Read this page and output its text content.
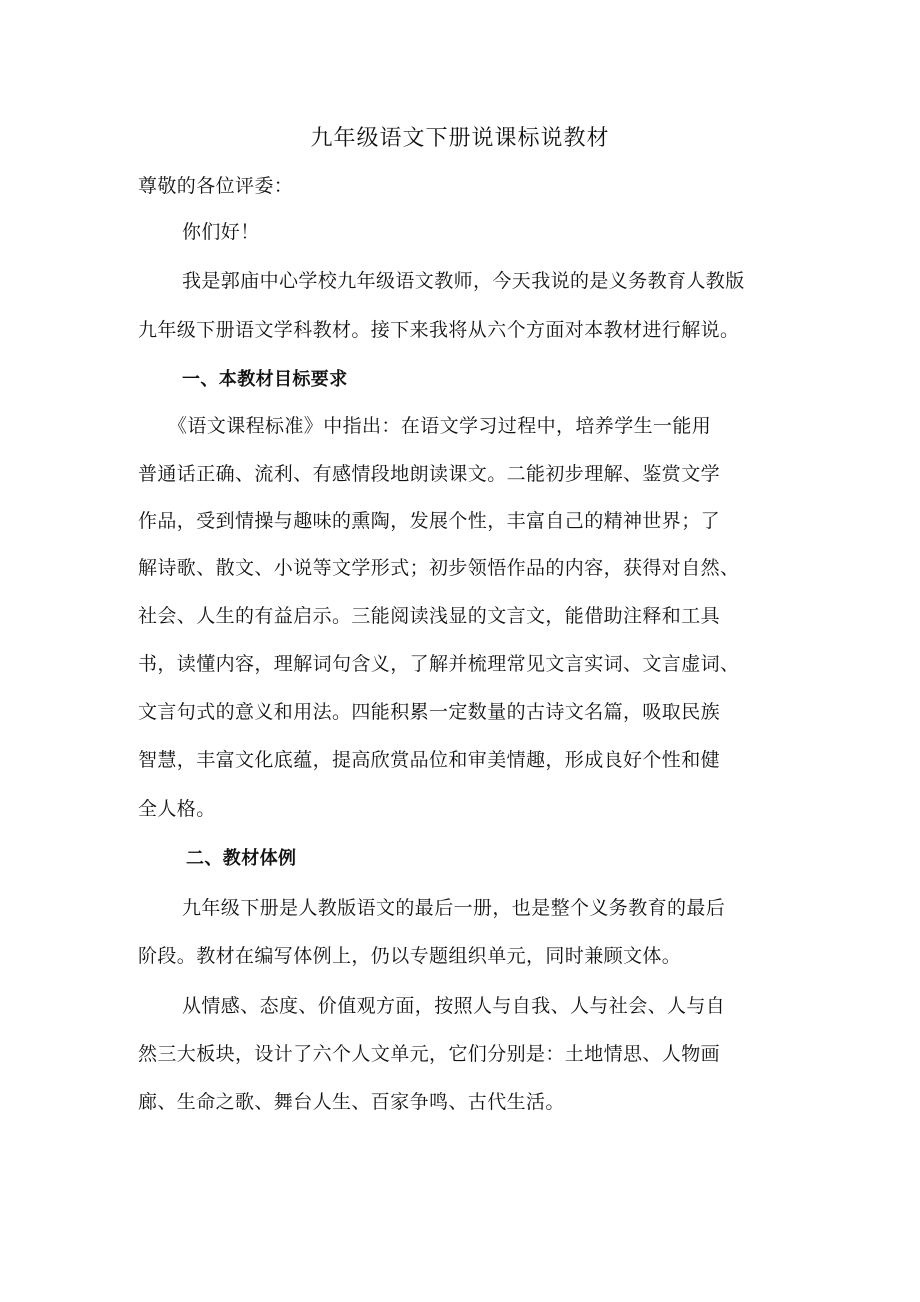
九年级语文下册说课标说教材
尊敬的各位评委：
你们好！
我是郭庙中心学校九年级语文教师，今天我说的是义务教育人教版
九年级下册语文学科教材。接下来我将从六个方面对本教材进行解说。
一、本教材目标要求
《语文课程标准》中指出：在语文学习过程中，培养学生一能用
普通话正确、流利、有感情段地朗读课文。二能初步理解、鉴赏文学
作品，受到情操与趣味的熏陶，发展个性，丰富自己的精神世界；了
解诗歌、散文、小说等文学形式；初步领悟作品的内容，获得对自然、
社会、人生的有益启示。三能阅读浅显的文言文，能借助注释和工具
书，读懂内容，理解词句含义，了解并梳理常见文言实词、文言虚词、
文言句式的意义和用法。四能积累一定数量的古诗文名篇，吸取民族
智慧，丰富文化底蕴，提高欣赏品位和审美情趣，形成良好个性和健
全人格。
二、教材体例
九年级下册是人教版语文的最后一册，也是整个义务教育的最后
阶段。教材在编写体例上，仍以专题组织单元，同时兼顾文体。
从情感、态度、价值观方面，按照人与自我、人与社会、人与自
然三大板块，设计了六个人文单元，它们分别是：土地情思、人物画
廊、生命之歌、舞台人生、百家争鸣、古代生活。
